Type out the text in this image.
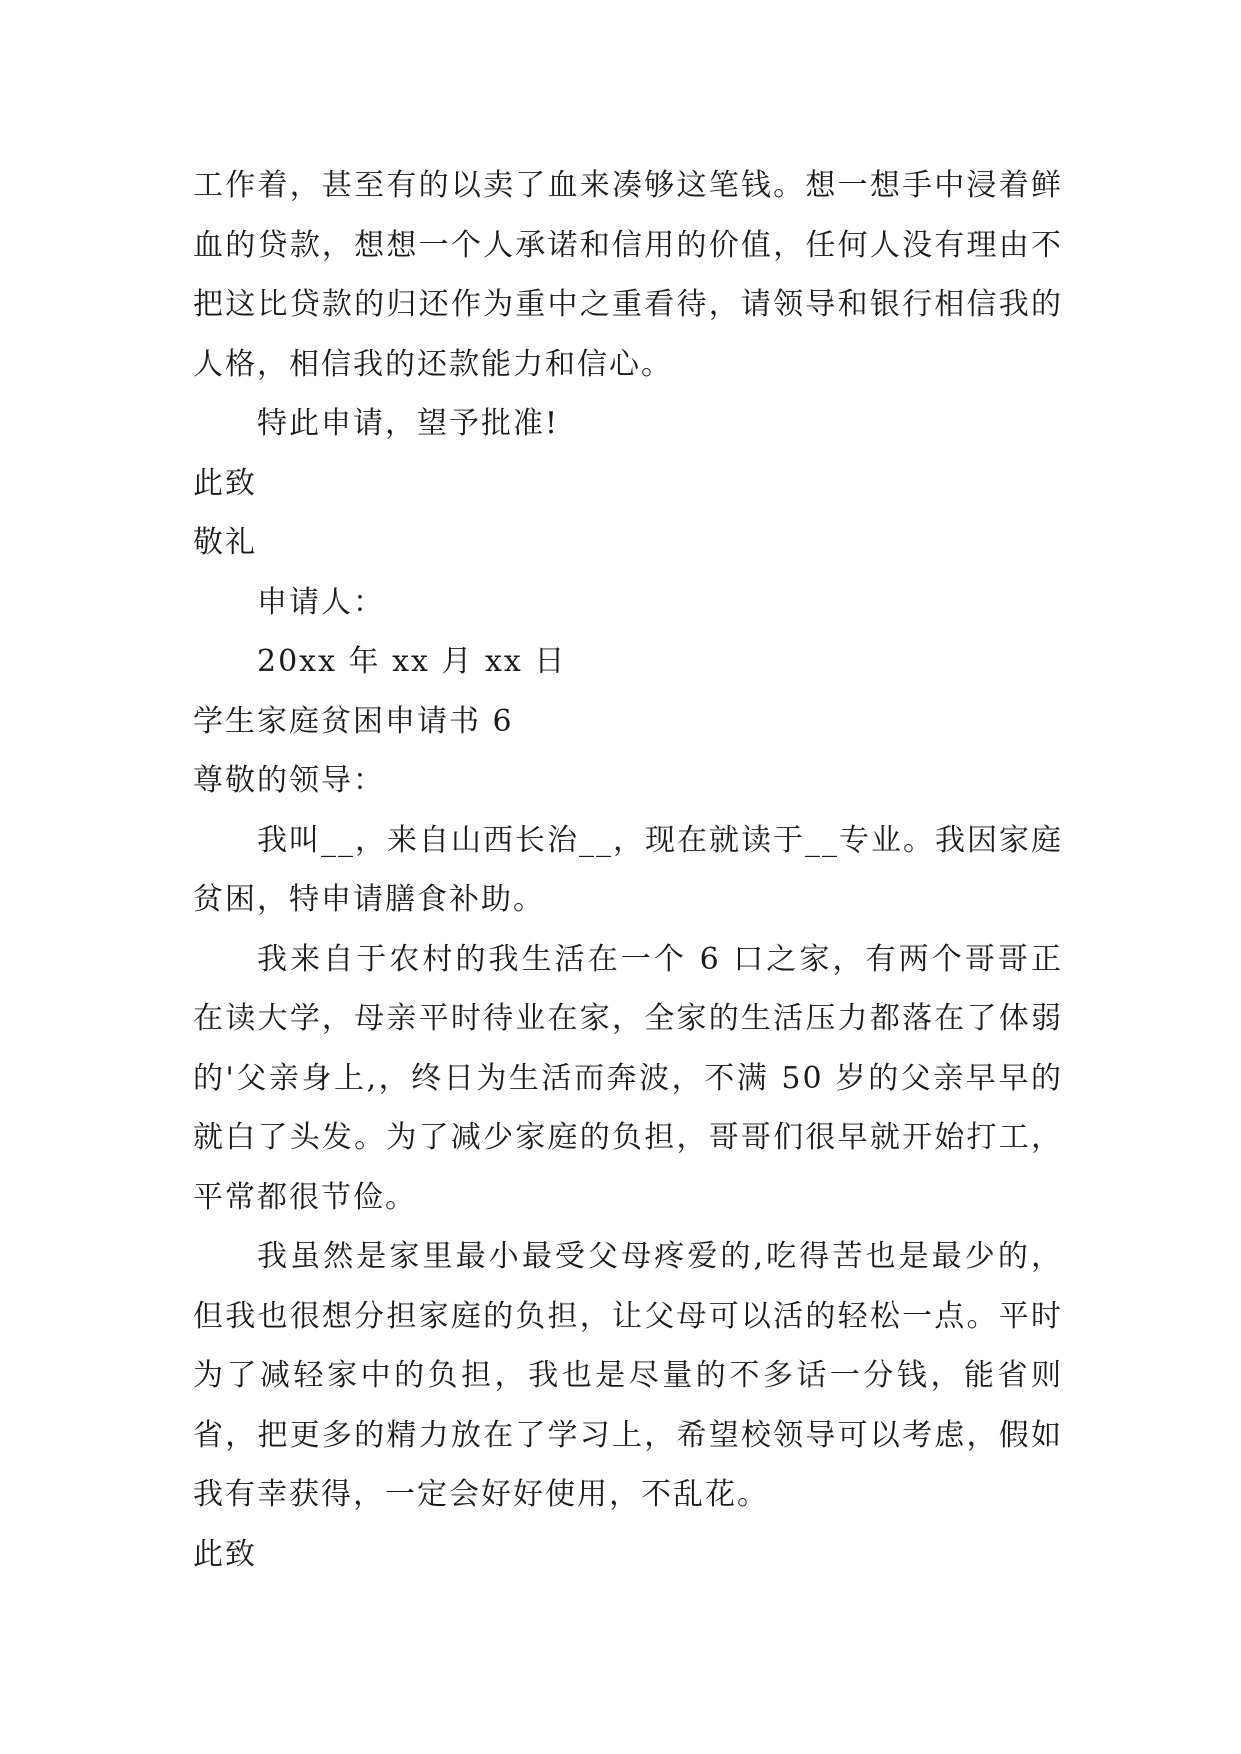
工作着，甚至有的以卖了血来凑够这笔钱。想一想手中浸着鲜血的贷款，想想一个人承诺和信用的价值，任何人没有理由不把这比贷款的归还作为重中之重看待，请领导和银行相信我的人格，相信我的还款能力和信心。

特此申请，望予批准!

此致

敬礼

申请人：

20xx 年 xx 月 xx 日

学生家庭贫困申请书 6

尊敬的领导：

我叫__，来自山西长治__，现在就读于__专业。我因家庭贫困，特申请膳食补助。

我来自于农村的我生活在一个 6 口之家，有两个哥哥正在读大学，母亲平时待业在家，全家的生活压力都落在了体弱的'父亲身上,，终日为生活而奔波，不满 50 岁的父亲早早的就白了头发。为了减少家庭的负担，哥哥们很早就开始打工，平常都很节俭。

我虽然是家里最小最受父母疼爱的,吃得苦也是最少的，但我也很想分担家庭的负担，让父母可以活的轻松一点。平时为了减轻家中的负担，我也是尽量的不多话一分钱，能省则省，把更多的精力放在了学习上，希望校领导可以考虑，假如我有幸获得，一定会好好使用，不乱花。

此致
